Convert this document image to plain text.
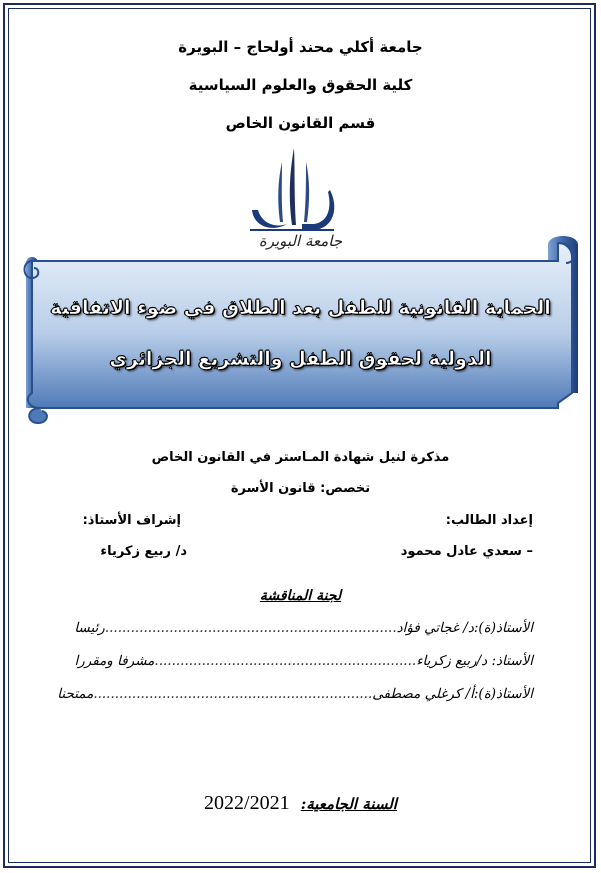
جامعة أكلي محند أولحاج – البويرة
كلية الحقوق والعلوم السياسية
قسم القانون الخاص
جامعة البويرة
الحماية القانونية للطفل بعد الطلاق في ضوء الاتفاقية
الدولية لحقوق الطفل والتشريع الجزائري
مذكرة لنيل شهادة المـاستر في القانون الخاص
تخصص: قانون الأسرة
إعداد الطالب:
إشراف الأستاذ:
– سعدي عادل محمود
د/ ربيع زكرياء
لجنة المناقشة
الأستاذ(ة):د/ غجاتي فؤاد....................................................................رئيسا
الأستاذ: د/ربيع زكرياء.............................................................مشرفا ومقررا
الأستاذ(ة):أ/ كرغلي مصطفى.................................................................ممتحنا
السنة الجامعية: 2022/2021
